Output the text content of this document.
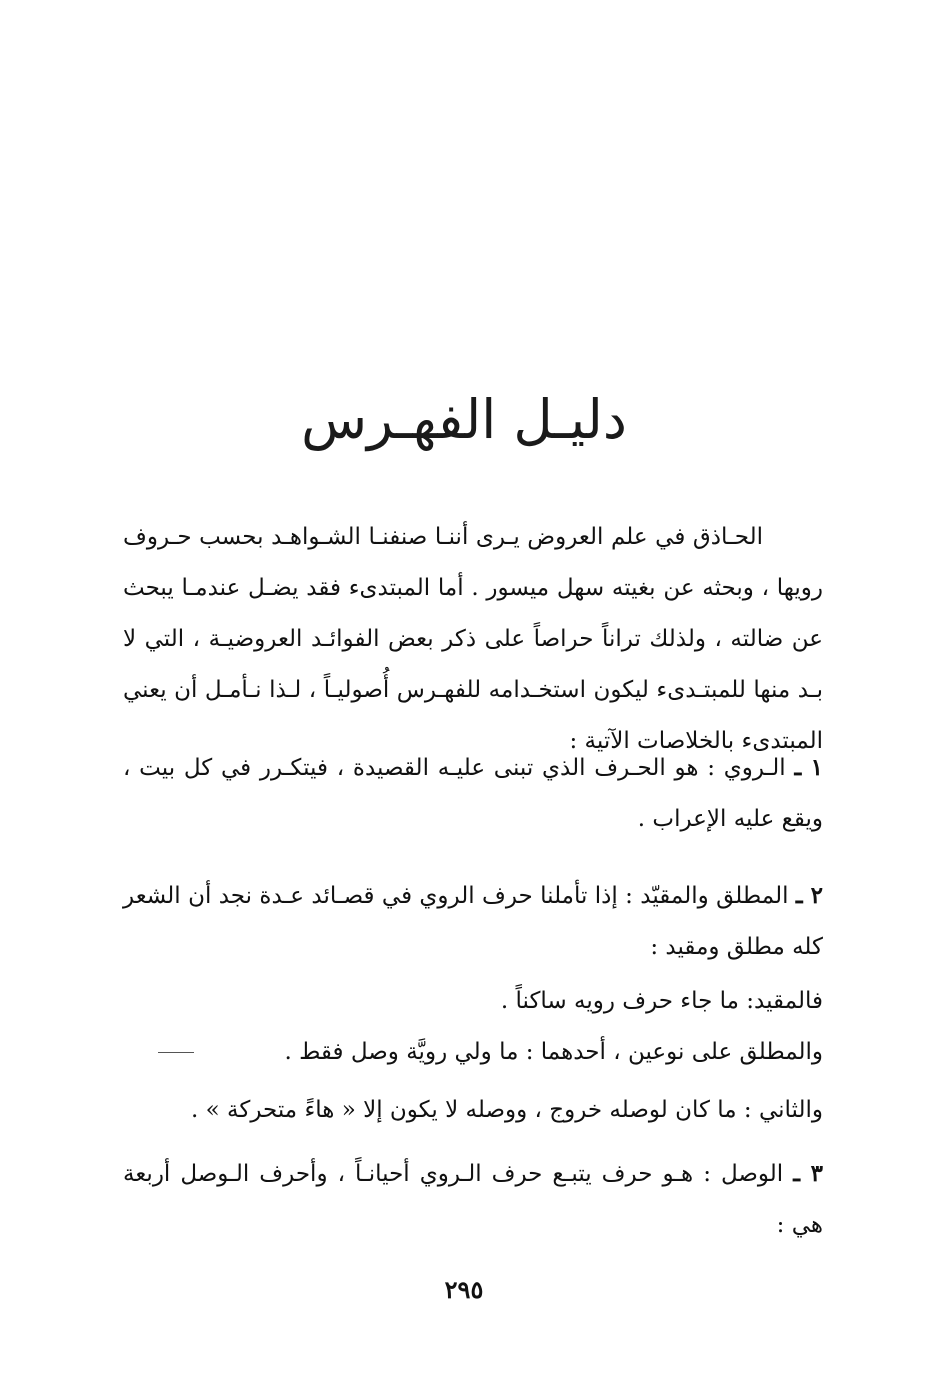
دليـل الفهـرس

الحـاذق في علم العروض يـرى أننـا صنفنـا الشـواهـد بحسب حـروف رويها ، وبحثه عن بغيته سهل ميسور . أما المبتدىء فقد يضـل عندمـا يبحث عن ضالته ، ولذلك تراناً حراصاً على ذكر بعض الفوائـد العروضيـة ، التي لا بـد منها للمبتـدىء ليكون استخـدامه للفهـرس أُصوليـاً ، لـذا نـأمـل أن يعني المبتدىء بالخلاصات الآتية :

١ ـ الـروي : هو الحـرف الذي تبنى عليـه القصيدة ، فيتكـرر في كل بيت ، ويقع عليه الإعراب .

٢ ـ المطلق والمقيّد : إذا تأملنا حرف الروي في قصـائد عـدة نجد أن الشعر كله مطلق ومقيد :

فالمقيد: ما جاء حرف رويه ساكناً .
والمطلق على نوعين ، أحدهما : ما ولي رويَّة وصل فقط .
والثاني : ما كان لوصله خروج ، ووصله لا يكون إلا « هاءً متحركة » .

٣ ـ الوصل : هـو حرف يتبـع حرف الـروي أحيانـاً ، وأحرف الـوصل أربعة هي :

٢٩٥
